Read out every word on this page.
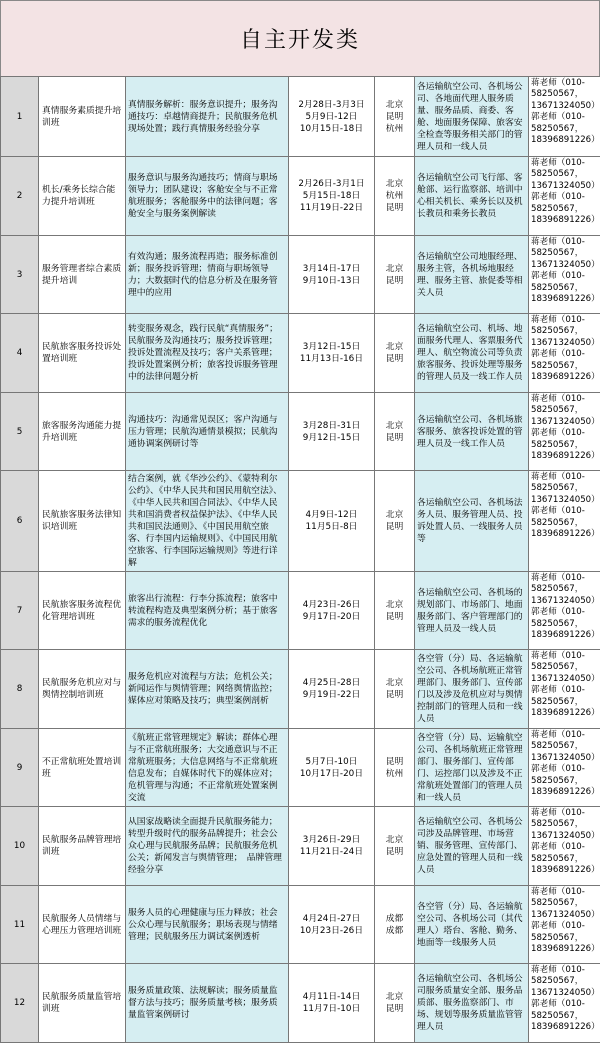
自主开发类
1	真情服务素质提升培训班	真情服务解析：服务意识提升；服务沟通技巧：卓越情商提升；民航服务危机现场处置；践行真情服务经验分享	2月28日-3月3日
5月9日-12日
10月15日-18日	北京
昆明
杭州	各运输航空公司、各机场公司、各地面代理人服务质量、服务品质、商委、客舱、地面服务保障、旅客安全检查等服务相关部门的管理人员和一线人员	蒋老师（010-58250567，13671324050）
郭老师（010-58250567，18396891226）
2	机长/乘务长综合能力提升培训班	服务意识与服务沟通技巧；情商与职场领导力；团队建设；客舱安全与不正常航班服务；客舱服务中的法律问题；客舱安全与服务案例解读	2月26日-3月1日
5月15日-18日
11月19日-22日	北京
杭州
昆明	各运输航空公司飞行部、客舱部、运行监察部、培训中心相关机长、乘务长以及机长教员和乘务长教员	蒋老师（010-58250567，13671324050）
郭老师（010-58250567，18396891226）
3	服务管理者综合素质提升培训	有效沟通；服务流程再造；服务标准创新；服务投诉管理；情商与职场领导力；大数据时代的信息分析及在服务管理中的应用	3月14日-17日
9月10日-13日	北京
昆明	各运输航空公司地服经理、服务主管，各机场地服经理、服务主管、旅促委等相关人员	蒋老师（010-58250567，13671324050）
郭老师（010-58250567，18396891226）
4	民航旅客服务投诉处置培训班	转变服务观念，践行民航“真情服务”；民航服务及沟通技巧；服务投诉管理；投诉处置流程及技巧；客户关系管理；投诉处置案例分析；旅客投诉服务管理中的法律问题分析	3月12日-15日
11月13日-16日	北京
昆明	各运输航空公司、机场、地面服务代理人、客票服务代理人、航空物流公司等负责旅客服务、投诉处理等服务的管理人员及一线工作人员	蒋老师（010-58250567，13671324050）
郭老师（010-58250567，18396891226）
5	旅客服务沟通能力提升培训班	沟通技巧：沟通常见误区；客户沟通与压力管理；民航沟通情景模拟；民航沟通协调案例研讨等	3月28日-31日
9月12日-15日	北京
昆明	各运输航空公司、各机场旅客服务、旅客投诉处置的管理人员及一线工作人员	蒋老师（010-58250567，13671324050）
郭老师（010-58250567，18396891226）
6	民航旅客服务法律知识培训班	结合案例，就《华沙公约》、《蒙特利尔公约》、《中华人民共和国民用航空法》、《中华人民共和国合同法》、《中华人民共和国消费者权益保护法》、《中华人民共和国民法通则》、《中国民用航空旅客、行李国内运输规则》、《中国民用航空旅客、行李国际运输规则》等进行详解	4月9日-12日
11月5日-8日	北京
昆明	各运输航空公司、各机场法务人员、服务管理人员、投诉处置人员、一线服务人员等	蒋老师（010-58250567，13671324050）
郭老师（010-58250567，18396891226）
7	民航旅客服务流程优化管理培训班	旅客出行流程：行李分拣流程；旅客中转流程构造及典型案例分析；基于旅客需求的服务流程优化	4月23日-26日
9月17日-20日	北京
昆明	各运输航空公司、各机场的规划部门、市场部门、地面服务部门、客户管理部门的管理人员及一线人员	蒋老师（010-58250567，13671324050）
郭老师（010-58250567，18396891226）
8	民航服务危机应对与舆情控制培训班	服务危机应对流程与方法；危机公关；新闻运作与舆情管理；网络舆情监控；媒体应对策略及技巧；典型案例剖析	4月25日-28日
9月19日-22日	北京
昆明	各空管（分）局、各运输航空公司、各机场航班正常管理部门、服务部门、宣传部门以及涉及危机应对与舆情控制部门的管理人员和一线人员	蒋老师（010-58250567，13671324050）
郭老师（010-58250567，18396891226）
9	不正常航班处置培训班	《航班正常管理规定》解读；群体心理与不正常航班服务；大交通意识与不正常航班服务；大信息网络与不正常航班信息发布；自媒体时代下的媒体应对；危机管理与沟通；不正常航班处置案例交流	5月7日-10日
10月17日-20日	昆明
杭州	各空管（分）局、运输航空公司、各机场航班正常管理部门、服务部门、宣传部门、运控部门以及涉及不正常航班处置部门的管理人员和一线人员	蒋老师（010-58250567，13671324050）
郭老师（010-58250567，18396891226）
10	民航服务品牌管理培训班	从国家战略读全面提升民航服务能力；　转型升级时代的服务品牌提升；社会公众心理与民航服务品牌；民航服务危机公关；新闻发言与舆情管理；　品牌管理经验分享	3月26日-29日
11月21日-24日	北京
昆明	各运输航空公司、各机场公司涉及品牌管理、市场营销、服务管理、宣传部门、应急处置的管理人员和一线人员	蒋老师（010-58250567，13671324050）
郭老师（010-58250567，18396891226）
11	民航服务人员情绪与心理压力管理培训班	服务人员的心理健康与压力释放；社会公众心理与民航服务；职场表现与情绪管理；民航服务压力调试案例透析	4月24日-27日
10月23日-26日	成都
成都	各空管（分）局、各运输航空公司、各机场公司（其代理人）塔台、客舱、勤务、地面等一线服务人员	蒋老师（010-58250567，13671324050）
郭老师（010-58250567，18396891226）
12	民航服务质量监管培训班	服务质量政策、法规解读；服务质量监督方法与技巧；服务质量考核；服务质量监管案例研讨	4月11日-14日
11月7日-10日	北京
昆明	各运输航空公司、各机场公司服务质量安全部、服务品质部、服务监察部门、市场、规划等服务质量监管管理人员	蒋老师（010-58250567，13671324050）
郭老师（010-58250567，18396891226）
